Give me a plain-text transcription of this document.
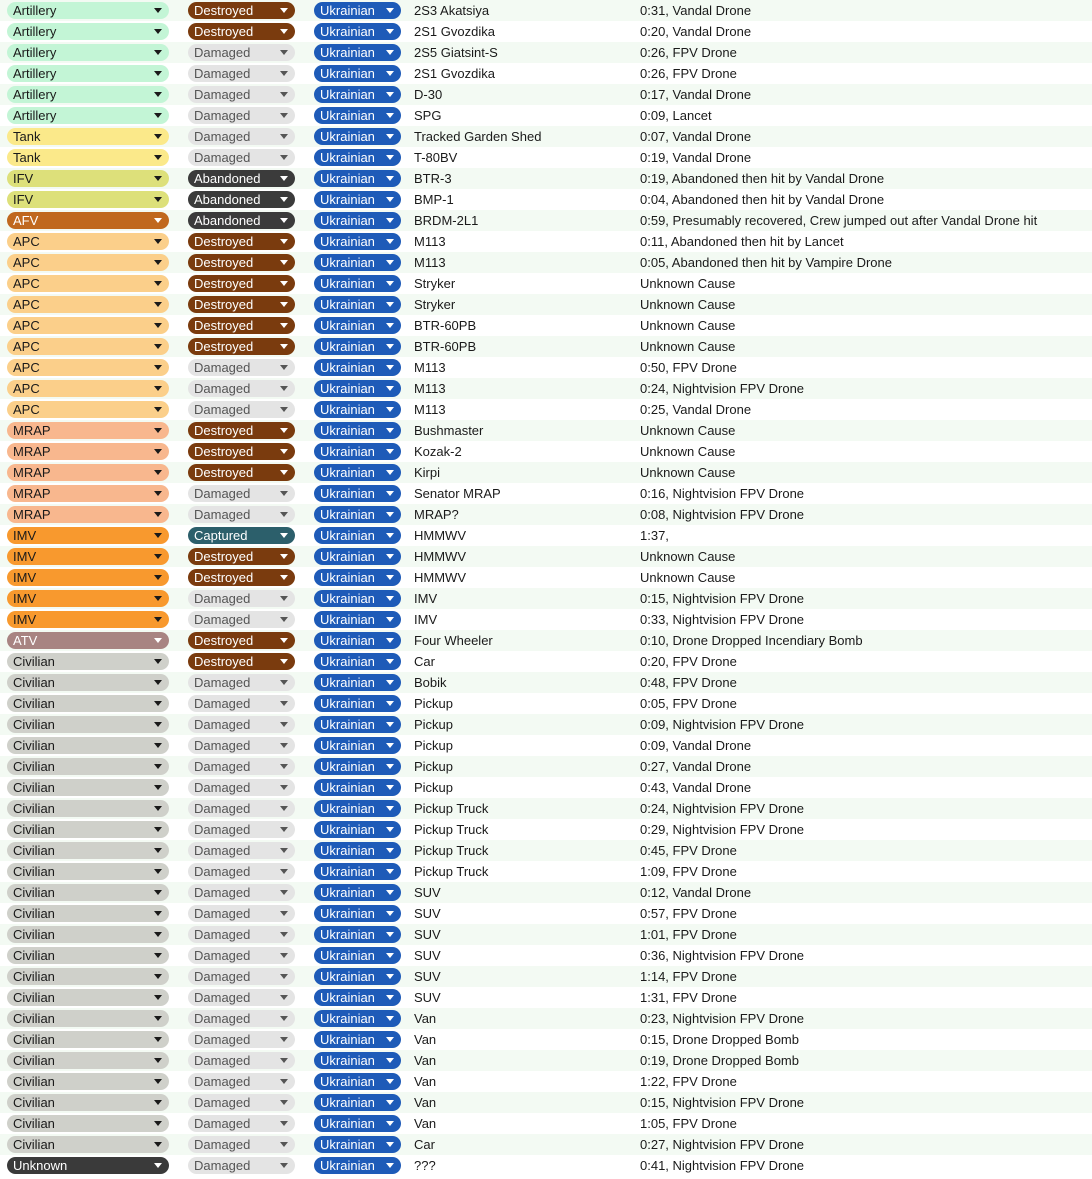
Artillery	Destroyed	Ukrainian	2S3 Akatsiya	0:31, Vandal Drone
Artillery	Destroyed	Ukrainian	2S1 Gvozdika	0:20, Vandal Drone
Artillery	Damaged	Ukrainian	2S5 Giatsint-S	0:26, FPV Drone
Artillery	Damaged	Ukrainian	2S1 Gvozdika	0:26, FPV Drone
Artillery	Damaged	Ukrainian	D-30	0:17, Vandal Drone
Artillery	Damaged	Ukrainian	SPG	0:09, Lancet
Tank	Damaged	Ukrainian	Tracked Garden Shed	0:07, Vandal Drone
Tank	Damaged	Ukrainian	T-80BV	0:19, Vandal Drone
IFV	Abandoned	Ukrainian	BTR-3	0:19, Abandoned then hit by Vandal Drone
IFV	Abandoned	Ukrainian	BMP-1	0:04, Abandoned then hit by Vandal Drone
AFV	Abandoned	Ukrainian	BRDM-2L1	0:59, Presumably recovered, Crew jumped out after Vandal Drone hit
APC	Destroyed	Ukrainian	M113	0:11, Abandoned then hit by Lancet
APC	Destroyed	Ukrainian	M113	0:05, Abandoned then hit by Vampire Drone
APC	Destroyed	Ukrainian	Stryker	Unknown Cause
APC	Destroyed	Ukrainian	Stryker	Unknown Cause
APC	Destroyed	Ukrainian	BTR-60PB	Unknown Cause
APC	Destroyed	Ukrainian	BTR-60PB	Unknown Cause
APC	Damaged	Ukrainian	M113	0:50, FPV Drone
APC	Damaged	Ukrainian	M113	0:24, Nightvision FPV Drone
APC	Damaged	Ukrainian	M113	0:25, Vandal Drone
MRAP	Destroyed	Ukrainian	Bushmaster	Unknown Cause
MRAP	Destroyed	Ukrainian	Kozak-2	Unknown Cause
MRAP	Destroyed	Ukrainian	Kirpi	Unknown Cause
MRAP	Damaged	Ukrainian	Senator MRAP	0:16, Nightvision FPV Drone
MRAP	Damaged	Ukrainian	MRAP?	0:08, Nightvision FPV Drone
IMV	Captured	Ukrainian	HMMWV	1:37,
IMV	Destroyed	Ukrainian	HMMWV	Unknown Cause
IMV	Destroyed	Ukrainian	HMMWV	Unknown Cause
IMV	Damaged	Ukrainian	IMV	0:15, Nightvision FPV Drone
IMV	Damaged	Ukrainian	IMV	0:33, Nightvision FPV Drone
ATV	Destroyed	Ukrainian	Four Wheeler	0:10, Drone Dropped Incendiary Bomb
Civilian	Destroyed	Ukrainian	Car	0:20, FPV Drone
Civilian	Damaged	Ukrainian	Bobik	0:48, FPV Drone
Civilian	Damaged	Ukrainian	Pickup	0:05, FPV Drone
Civilian	Damaged	Ukrainian	Pickup	0:09, Nightvision FPV Drone
Civilian	Damaged	Ukrainian	Pickup	0:09, Vandal Drone
Civilian	Damaged	Ukrainian	Pickup	0:27, Vandal Drone
Civilian	Damaged	Ukrainian	Pickup	0:43, Vandal Drone
Civilian	Damaged	Ukrainian	Pickup Truck	0:24, Nightvision FPV Drone
Civilian	Damaged	Ukrainian	Pickup Truck	0:29, Nightvision FPV Drone
Civilian	Damaged	Ukrainian	Pickup Truck	0:45, FPV Drone
Civilian	Damaged	Ukrainian	Pickup Truck	1:09, FPV Drone
Civilian	Damaged	Ukrainian	SUV	0:12, Vandal Drone
Civilian	Damaged	Ukrainian	SUV	0:57, FPV Drone
Civilian	Damaged	Ukrainian	SUV	1:01, FPV Drone
Civilian	Damaged	Ukrainian	SUV	0:36, Nightvision FPV Drone
Civilian	Damaged	Ukrainian	SUV	1:14, FPV Drone
Civilian	Damaged	Ukrainian	SUV	1:31, FPV Drone
Civilian	Damaged	Ukrainian	Van	0:23, Nightvision FPV Drone
Civilian	Damaged	Ukrainian	Van	0:15, Drone Dropped Bomb
Civilian	Damaged	Ukrainian	Van	0:19, Drone Dropped Bomb
Civilian	Damaged	Ukrainian	Van	1:22, FPV Drone
Civilian	Damaged	Ukrainian	Van	0:15, Nightvision FPV Drone
Civilian	Damaged	Ukrainian	Van	1:05, FPV Drone
Civilian	Damaged	Ukrainian	Car	0:27, Nightvision FPV Drone
Unknown	Damaged	Ukrainian	???	0:41, Nightvision FPV Drone
